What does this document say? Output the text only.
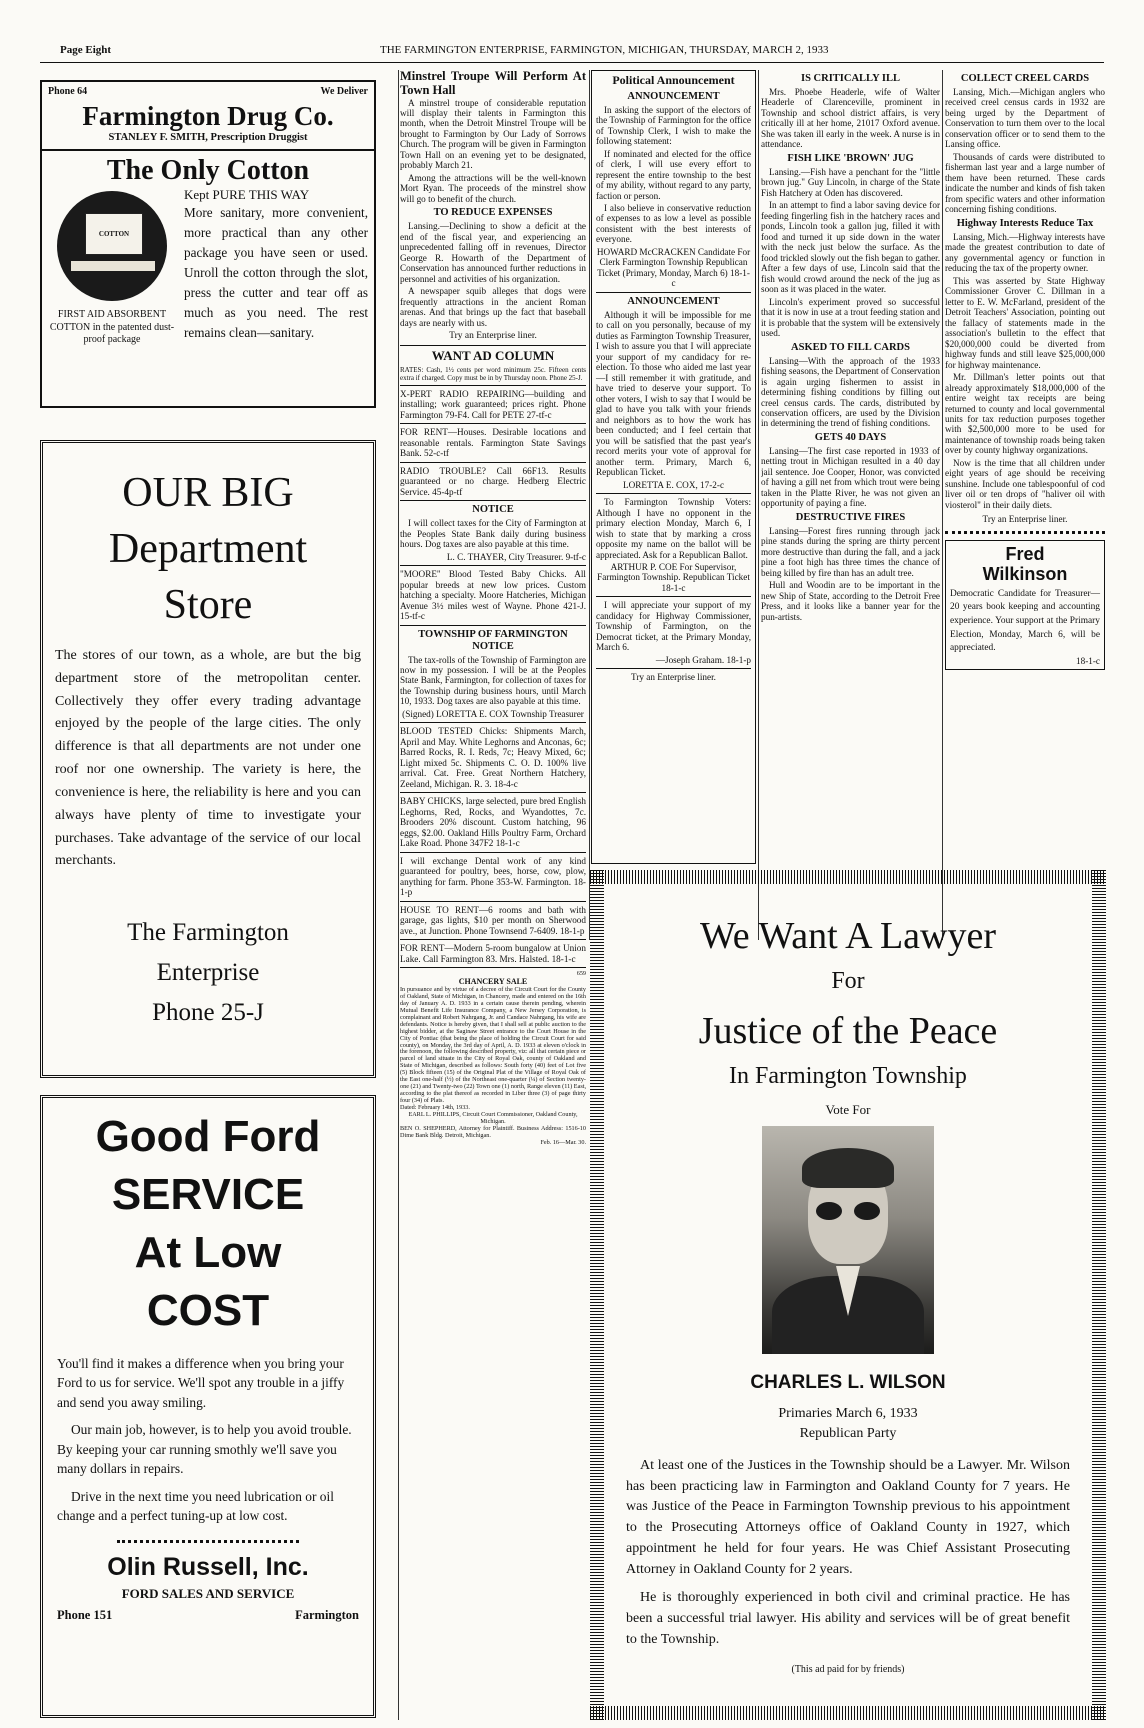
Page Eight	THE FARMINGTON ENTERPRISE, FARMINGTON, MICHIGAN, THURSDAY, MARCH 2, 1933
Phone 64	We Deliver
Farmington Drug Co.
STANLEY F. SMITH, Prescription Druggist
The Only Cotton
COTTON
FIRST AID ABSORBENT COTTON in the patented dust-proof package
Kept PURE THIS WAY
More sanitary, more convenient, more practical than any other package you have seen or used. Unroll the cotton through the slot, press the cutter and tear off as much as you need. The rest remains clean—sanitary.
OUR BIG
Department
Store
The stores of our town, as a whole, are but the big department store of the metropolitan center. Collectively they offer every trading advantage enjoyed by the people of the large cities. The only difference is that all departments are not under one roof nor one ownership. The variety is here, the convenience is here, the reliability is here and you can always have plenty of time to investigate your purchases. Take advantage of the service of our local merchants.
The Farmington
Enterprise
Phone 25-J
Good Ford
SERVICE
At Low
COST

You'll find it makes a difference when you bring your Ford to us for service. We'll spot any trouble in a jiffy and send you away smiling.

Our main job, however, is to help you avoid trouble. By keeping your car running smothly we'll save you many dollars in repairs.

Drive in the next time you need lubrication or oil change and a perfect tuning-up at low cost.

Olin Russell, Inc.
FORD SALES AND SERVICE
Phone 151	Farmington
Minstrel Troupe Will Perform At Town Hall

A minstrel troupe of considerable reputation will display their talents in Farmington this month, when the Detroit Minstrel Troupe will be brought to Farmington by Our Lady of Sorrows Church. The program will be given in Farmington Town Hall on an evening yet to be designated, probably March 21.

Among the attractions will be the well-known Mort Ryan. The proceeds of the minstrel show will go to benefit of the church.

TO REDUCE EXPENSES

Lansing.—Declining to show a deficit at the end of the fiscal year, and experiencing an unprecedented falling off in revenues, Director George R. Howarth of the Department of Conservation has announced further reductions in personnel and activities of his organization.

A newspaper squib alleges that dogs were frequently attractions in the ancient Roman arenas. And that brings up the fact that baseball days are nearly with us.

Try an Enterprise liner.
WANT AD COLUMN
RATES: Cash, 1½ cents per word minimum 25c. Fifteen cents extra if charged. Copy must be in by Thursday noon. Phone 25-J.
X-PERT RADIO REPAIRING—building and installing; work guaranteed; prices right. Phone Farmington 79-F4. Call for PETE 27-tf-c
FOR RENT—Houses. Desirable locations and reasonable rentals. Farmington State Savings Bank. 52-c-tf
RADIO TROUBLE? Call 66F13. Results guaranteed or no charge. Hedberg Electric Service. 45-4p-tf
NOTICE

I will collect taxes for the City of Farmington at the Peoples State Bank daily during business hours. Dog taxes are also payable at this time.

L. C. THAYER, City Treasurer. 9-tf-c
"MOORE" Blood Tested Baby Chicks. All popular breeds at new low prices. Custom hatching a specialty. Moore Hatcheries, Michigan Avenue 3½ miles west of Wayne. Phone 421-J. 15-tf-c
TOWNSHIP OF FARMINGTON NOTICE

The tax-rolls of the Township of Farmington are now in my possession. I will be at the Peoples State Bank, Farmington, for collection of taxes for the Township during business hours, until March 10, 1933. Dog taxes are also payable at this time.

(Signed) LORETTA E. COX Township Treasurer
BLOOD TESTED Chicks: Shipments March, April and May. White Leghorns and Anconas, 6c; Barred Rocks, R. I. Reds, 7c; Heavy Mixed, 6c; Light mixed 5c. Shipments C. O. D. 100% live arrival. Cat. Free. Great Northern Hatchery, Zeeland, Michigan. R. 3. 18-4-c
BABY CHICKS, large selected, pure bred English Leghorns, Red, Rocks, and Wyandottes, 7c. Brooders 20% discount. Custom hatching, 96 eggs, $2.00. Oakland Hills Poultry Farm, Orchard Lake Road. Phone 347F2 18-1-c
I will exchange Dental work of any kind guaranteed for poultry, bees, horse, cow, plow, anything for farm. Phone 353-W. Farmington. 18-1-p
HOUSE TO RENT—6 rooms and bath with garage, gas lights, $10 per month on Sherwood ave., at Junction. Phone Townsend 7-6409. 18-1-p
FOR RENT—Modern 5-room bungalow at Union Lake. Call Farmington 83. Mrs. Halsted. 18-1-c
659
CHANCERY SALE
In pursuance and by virtue of a decree of the Circuit Court for the County of Oakland, State of Michigan, in Chancery, made and entered on the 16th day of January A. D. 1933 in a certain cause therein pending, wherein Mutual Benefit Life Insurance Company, a New Jersey Corporation, is complainant and Robert Nahrgang, Jr. and Candace Nahrgang, his wife are defendants. Notice is hereby given, that I shall sell at public auction to the highest bidder, at the Saginaw Street entrance to the Court House in the City of Pontiac (that being the place of holding the Circuit Court for said county), on Monday, the 3rd day of April, A. D. 1933 at eleven o'clock in the forenoon, the following described property, viz: all that certain piece or parcel of land situate in the City of Royal Oak, county of Oakland and State of Michigan, described as follows: South forty (40) feet of Lot five (5) Block fifteen (15) of the Original Plat of the Village of Royal Oak of the East one-half (½) of the Northeast one-quarter (¼) of Section twenty-one (21) and Twenty-two (22) Town one (1) north, Range eleven (11) East, according to the plat thereof as recorded in Liber three (3) of page thirty four (34) of Plats.
Dated: February 14th, 1933.
EARL L. PHILLIPS, Circuit Court Commissioner, Oakland County, Michigan.
BEN O. SHEPHERD, Attorney for Plaintiff. Business Address: 1516-10 Dime Bank Bldg. Detroit, Michigan.
Feb. 16—Mar. 30.
Political Announcement
ANNOUNCEMENT

In asking the support of the electors of the Township of Farmington for the office of Township Clerk, I wish to make the following statement:

If nominated and elected for the office of clerk, I will use every effort to represent the entire township to the best of my ability, without regard to any party, faction or person.

I also believe in conservative reduction of expenses to as low a level as possible consistent with the best interests of everyone.

HOWARD McCRACKEN Candidate For Clerk Farmington Township Republican Ticket (Primary, Monday, March 6) 18-1-c
ANNOUNCEMENT

Although it will be impossible for me to call on you personally, because of my duties as Farmington Township Treasurer, I wish to assure you that I will appreciate your support of my candidacy for re-election. To those who aided me last year—I still remember it with gratitude, and have tried to deserve your support. To other voters, I wish to say that I would be glad to have you talk with your friends and neighbors as to how the work has been conducted; and I feel certain that you will be satisfied that the past year's record merits your vote of approval for another term. Primary, March 6, Republican Ticket.

LORETTA E. COX, 17-2-c

To Farmington Township Voters: Although I have no opponent in the primary election Monday, March 6, I wish to state that by marking a cross opposite my name on the ballot will be appreciated. Ask for a Republican Ballot.

ARTHUR P. COE For Supervisor, Farmington Township. Republican Ticket 18-1-c

I will appreciate your support of my candidacy for Highway Commissioner, Township of Farmington, on the Democrat ticket, at the Primary Monday, March 6.

—Joseph Graham. 18-1-p
Try an Enterprise liner.
IS CRITICALLY ILL

Mrs. Phoebe Headerle, wife of Walter Headerle of Clarenceville, prominent in Township and school district affairs, is very critically ill at her home, 21017 Oxford avenue. She was taken ill early in the week. A nurse is in attendance.

FISH LIKE 'BROWN' JUG

Lansing.—Fish have a penchant for the "little brown jug." Guy Lincoln, in charge of the State Fish Hatchery at Oden has discovered.

In an attempt to find a labor saving device for feeding fingerling fish in the hatchery races and ponds, Lincoln took a gallon jug, filled it with food and turned it up side down in the water with the neck just below the surface. As the food trickled slowly out the fish began to gather. After a few days of use, Lincoln said that the fish would crowd around the neck of the jug as soon as it was placed in the water.

Lincoln's experiment proved so successful that it is now in use at a trout feeding station and it is probable that the system will be extensively used.

ASKED TO FILL CARDS

Lansing—With the approach of the 1933 fishing seasons, the Department of Conservation is again urging fishermen to assist in determining fishing conditions by filling out creel census cards. The cards, distributed by conservation officers, are used by the Division in determining the trend of fishing conditions.

GETS 40 DAYS

Lansing—The first case reported in 1933 of netting trout in Michigan resulted in a 40 day jail sentence. Joe Cooper, Honor, was convicted of having a gill net from which trout were being taken in the Platte River, he was not given an opportunity of paying a fine.

DESTRUCTIVE FIRES

Lansing—Forest fires running through jack pine stands during the spring are thirty percent more destructive than during the fall, and a jack pine a foot high has three times the chance of being killed by fire than has an adult tree.

Hull and Woodin are to be important in the new Ship of State, according to the Detroit Free Press, and it looks like a banner year for the pun-artists.

COLLECT CREEL CARDS

Lansing, Mich.—Michigan anglers who received creel census cards in 1932 are being urged by the Department of Conservation to turn them over to the local conservation officer or to send them to the Lansing office.

Thousands of cards were distributed to fisherman last year and a large number of them have been returned. These cards indicate the number and kinds of fish taken from specific waters and other information concerning fishing conditions.

Highway Interests Reduce Tax

Lansing, Mich.—Highway interests have made the greatest contribution to date of any governmental agency or function in reducing the tax of the property owner.

This was asserted by State Highway Commissioner Grover C. Dillman in a letter to E. W. McFarland, president of the Detroit Teachers' Association, pointing out the fallacy of statements made in the association's bulletin to the effect that $20,000,000 could be diverted from highway funds and still leave $25,000,000 for highway maintenance.

Mr. Dillman's letter points out that already approximately $18,000,000 of the entire weight tax receipts are being returned to county and local governmental units for tax reduction purposes together with $2,500,000 more to be used for maintenance of township roads being taken over by county highway organizations.

Now is the time that all children under eight years of age should be receiving sunshine. Include one tablespoonful of cod liver oil or ten drops of "haliver oil with viosterol" in their daily diets.

Try an Enterprise liner.
Fred
Wilkinson
Democratic Candidate for Treasurer—20 years book keeping and accounting experience. Your support at the Primary Election, Monday, March 6, will be appreciated.
18-1-c
We Want A Lawyer
For
Justice of the Peace
In Farmington Township
Vote For
CHARLES L. WILSON
Primaries March 6, 1933
Republican Party
At least one of the Justices in the Township should be a Lawyer. Mr. Wilson has been practicing law in Farmington and Oakland County for 7 years. He was Justice of the Peace in Farmington Township previous to his appointment to the Prosecuting Attorneys office of Oakland County in 1927, which appointment he held for four years. He was Chief Assistant Prosecuting Attorney in Oakland County for 2 years.
He is thoroughly experienced in both civil and criminal practice. He has been a successful trial lawyer. His ability and services will be of great benefit to the Township.
(This ad paid for by friends)
